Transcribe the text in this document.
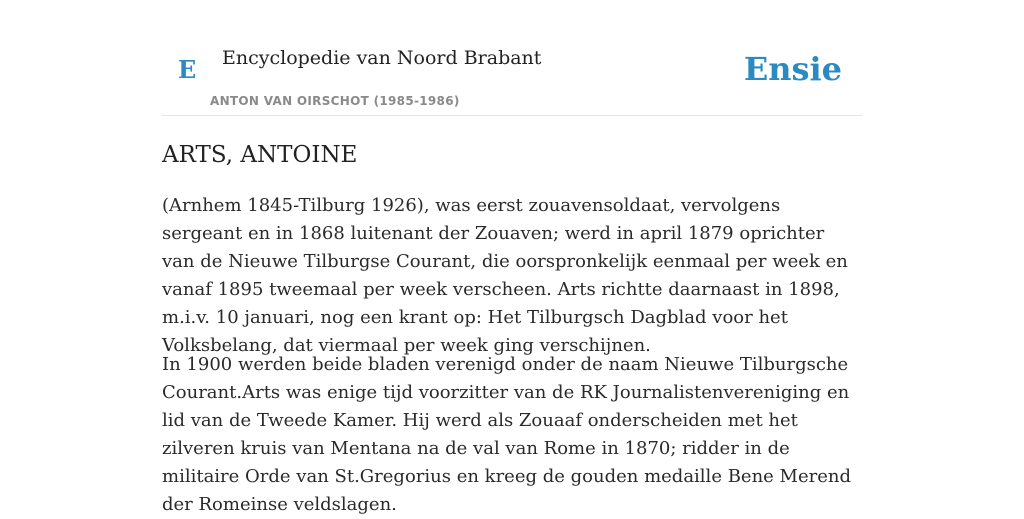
E Encyclopedie van Noord Brabant
ANTON VAN OIRSCHOT (1985-1986)
Ensie
ARTS, ANTOINE

(Arnhem 1845-Tilburg 1926), was eerst zouavensoldaat, vervolgens sergeant en in 1868 luitenant der Zouaven; werd in april 1879 oprichter van de Nieuwe Tilburgse Courant, die oorspronkelijk eenmaal per week en vanaf 1895 tweemaal per week verscheen. Arts richtte daarnaast in 1898, m.i.v. 10 januari, nog een krant op: Het Tilburgsch Dagblad voor het Volksbelang, dat viermaal per week ging verschijnen.

In 1900 werden beide bladen verenigd onder de naam Nieuwe Tilburgsche Courant.Arts was enige tijd voorzitter van de RK Journalistenvereniging en lid van de Tweede Kamer. Hij werd als Zouaaf onderscheiden met het zilveren kruis van Mentana na de val van Rome in 1870; ridder in de militaire Orde van St.Gregorius en kreeg de gouden medaille Bene Merend der Romeinse veldslagen.
